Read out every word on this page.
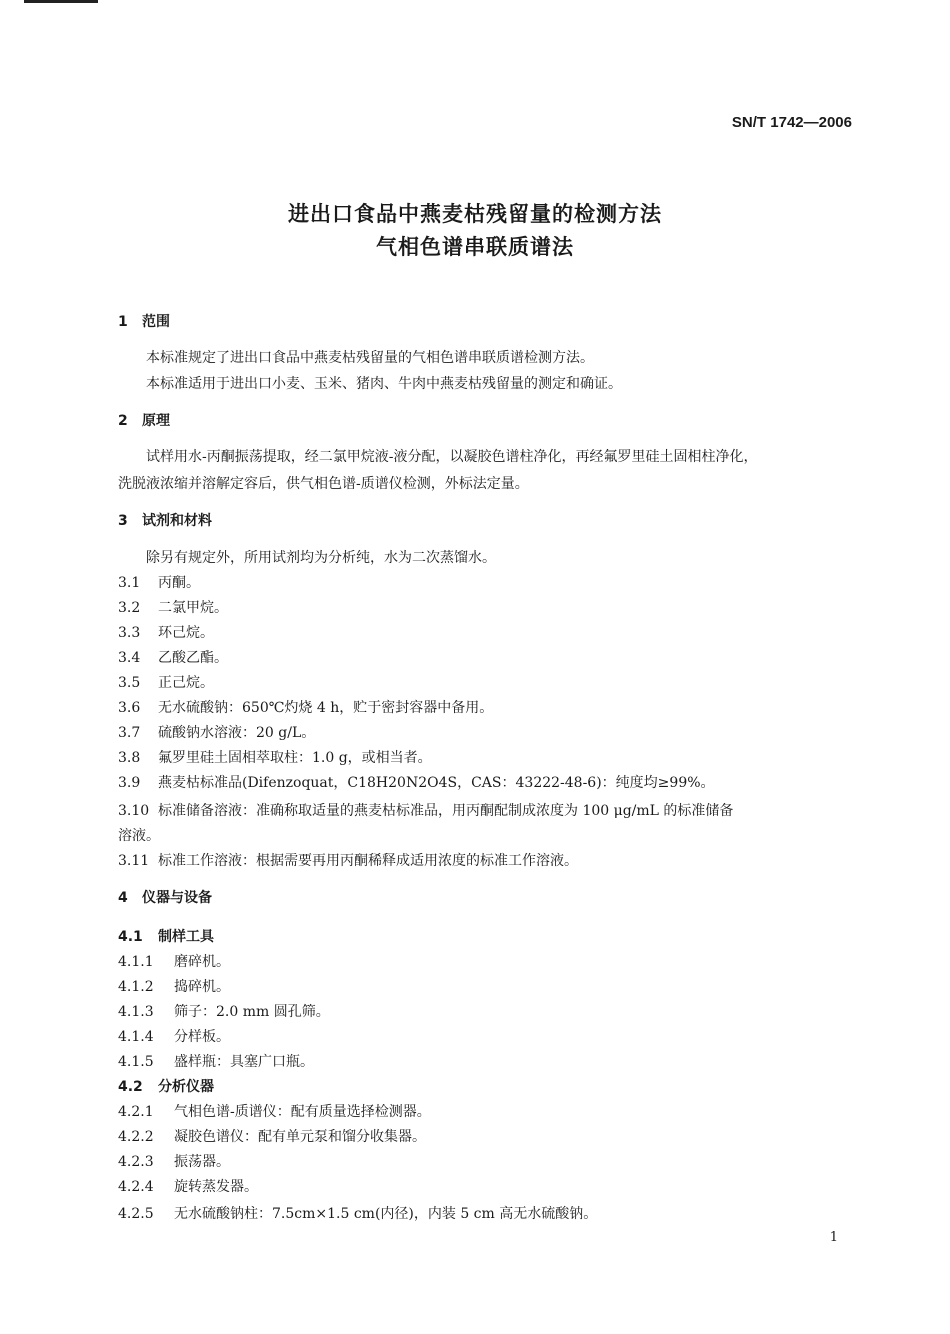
SN/T 1742—2006
进出口食品中燕麦枯残留量的检测方法
气相色谱串联质谱法
1 范围
本标准规定了进出口食品中燕麦枯残留量的气相色谱串联质谱检测方法。
本标准适用于进出口小麦、玉米、猪肉、牛肉中燕麦枯残留量的测定和确证。
2 原理
试样用水-丙酮振荡提取，经二氯甲烷液-液分配，以凝胶色谱柱净化，再经氟罗里硅土固相柱净化，
洗脱液浓缩并溶解定容后，供气相色谱-质谱仪检测，外标法定量。
3 试剂和材料
除另有规定外，所用试剂均为分析纯，水为二次蒸馏水。
3.1 丙酮。
3.2 二氯甲烷。
3.3 环己烷。
3.4 乙酸乙酯。
3.5 正己烷。
3.6 无水硫酸钠：650℃灼烧 4 h，贮于密封容器中备用。
3.7 硫酸钠水溶液：20 g/L。
3.8 氟罗里硅土固相萃取柱：1.0 g，或相当者。
3.9 燕麦枯标准品(Difenzoquat，C18H20N2O4S，CAS：43222-48-6)：纯度均≥99%。
3.10 标准储备溶液：准确称取适量的燕麦枯标准品，用丙酮配制成浓度为 100 μg/mL 的标准储备
溶液。
3.11 标准工作溶液：根据需要再用丙酮稀释成适用浓度的标准工作溶液。
4 仪器与设备
4.1 制样工具
4.1.1 磨碎机。
4.1.2 捣碎机。
4.1.3 筛子：2.0 mm 圆孔筛。
4.1.4 分样板。
4.1.5 盛样瓶：具塞广口瓶。
4.2 分析仪器
4.2.1 气相色谱-质谱仪：配有质量选择检测器。
4.2.2 凝胶色谱仪：配有单元泵和馏分收集器。
4.2.3 振荡器。
4.2.4 旋转蒸发器。
4.2.5 无水硫酸钠柱：7.5cm×1.5 cm(内径)，内装 5 cm 高无水硫酸钠。
1
